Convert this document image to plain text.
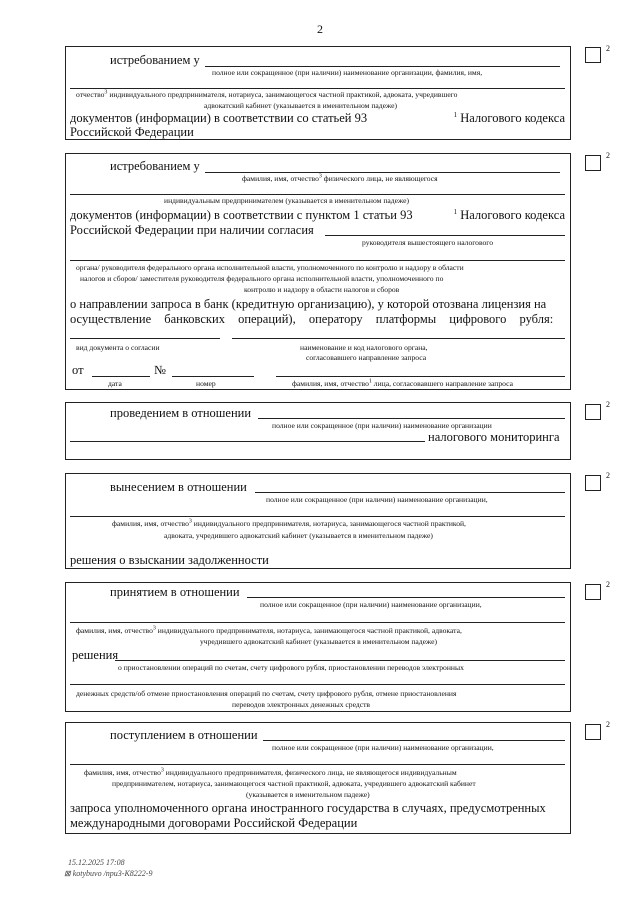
2
2
истребованием у
полное или сокращенное (при наличии) наименование организации, фамилия, имя,
отчество$^3$ индивидуального предпринимателя, нотариуса, занимающегося частной практикой, адвоката, учредившего
адвокатский кабинет (указывается в именительном падеже)
документов (информации) в соответствии со статьей 93	$^1$ Налогового кодекса
Российской Федерации
2
истребованием у
фамилия, имя, отчество$^3$ физического лица, не являющегося
индивидуальным предпринимателем (указывается в именительном падеже)
документов (информации) в соответствии с пунктом 1 статьи 93	$^1$ Налогового кодекса
Российской Федерации при наличии согласия
руководителя вышестоящего налогового
органа/ руководителя федерального органа исполнительной власти, уполномоченного по контролю и надзору в области
налогов и сборов/ заместителя руководителя федерального органа исполнительной власти, уполномоченного по
контролю и надзору в области налогов и сборов
о направлении запроса в банк (кредитную организацию), у которой отозвана лицензия на
осуществление банковских операций), оператору платформы цифрового рубля:
вид документа о согласии	наименование и код налогового органа,
согласовавшего направление запроса
от	№
дата	номер	фамилия, имя, отчество$^1$ лица, согласовавшего направление запроса
2
проведением в отношении
полное или сокращенное (при наличии) наименование организации
налогового мониторинга
2
вынесением в отношении
полное или сокращенное (при наличии) наименование организации,
фамилия, имя, отчество$^3$ индивидуального предпринимателя, нотариуса, занимающегося частной практикой,
адвоката, учредившего адвокатский кабинет (указывается в именительном падеже)
решения о взыскании задолженности
2
принятием в отношении
полное или сокращенное (при наличии) наименование организации,
фамилия, имя, отчество$^3$ индивидуального предпринимателя, нотариуса, занимающегося частной практикой, адвоката,
учредившего адвокатский кабинет (указывается в именительном падеже)
решения
о приостановлении операций по счетам, счету цифрового рубля, приостановлении переводов электронных
денежных средств/об отмене приостановления операций по счетам, счету цифрового рубля, отмене приостановления
переводов электронных денежных средств
2
поступлением в отношении
полное или сокращенное (при наличии) наименование организации,
фамилия, имя, отчество$^3$ индивидуального предпринимателя, физического лица, не являющегося индивидуальным
предпринимателем, нотариуса, занимающегося частной практикой, адвоката, учредившего адвокатский кабинет
(указывается в именительном падеже)
запроса уполномоченного органа иностранного государства в случаях, предусмотренных
международными договорами Российской Федерации
15.12.2025 17:08
⊠ kotybuvo /npu3-K8222-9
